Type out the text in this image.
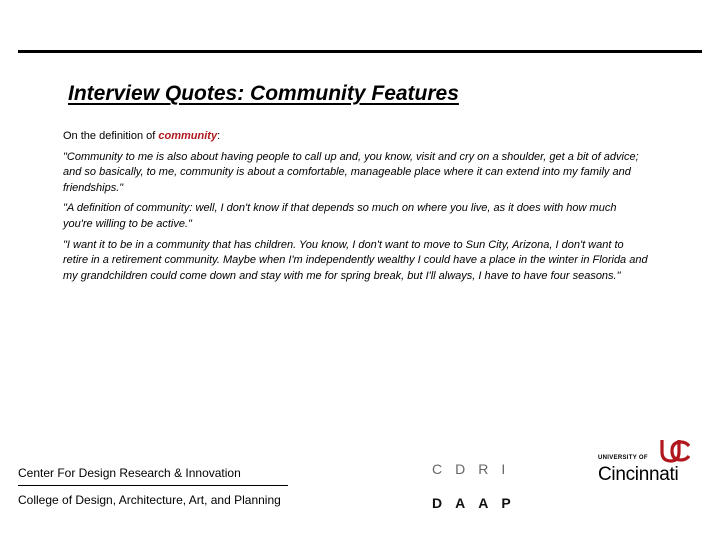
Interview Quotes: Community Features

On the definition of community:

"Community to me is also about having people to call up and, you know, visit and cry on a shoulder, get a bit of advice; and so basically, to me, community is about a comfortable, manageable place where it can extend into my family and friendships."

"A definition of community: well, I don't know if that depends so much on where you live, as it does with how much you're willing to be active."

"I want it to be in a community that has children. You know, I don't want to move to Sun City, Arizona, I don't want to retire in a retirement community. Maybe when I'm independently wealthy I could have a place in the winter in Florida and my grandchildren could come down and stay with me for spring break, but I'll always, I have to have four seasons."

Center For Design Research & Innovation
College of Design, Architecture, Art, and Planning
CDRI
DAAP
UNIVERSITY OF
Cincinnati
